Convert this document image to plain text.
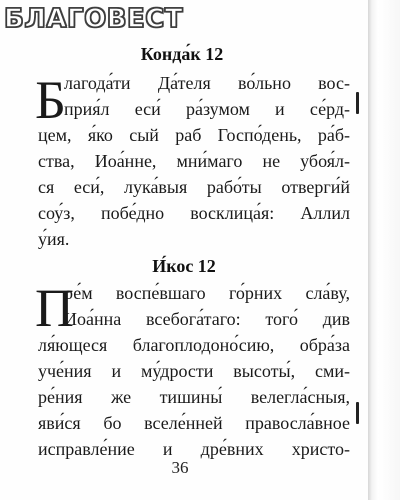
БЛАГОВЕСТ
Конда́к 12
Б
лагода́ти Да́теля во́льно вос-
прия́л еси́ ра́зумом и се́рд-
цем, я́ко сый раб Госпо́день, ра́б-
ства, Иоа́нне, мни́маго не убоя́л-
ся еси́, лука́выя рабо́ты отверги́й
соу́з, побе́дно восклица́я: Аллил
у́ия.
И́кос 12
П
ое́м воспе́вшаго го́рних сла́ву,
Иоа́нна всебога́таго: того́ див
ля́ющеся благоплодоно́сию, обра́за
уче́ния и му́дрости высоты́, сми-
ре́ния же тишины́ велегла́сныя,
яви́ся бо вселе́нней правосла́вное
исправле́ние и дре́вних христо-
36
